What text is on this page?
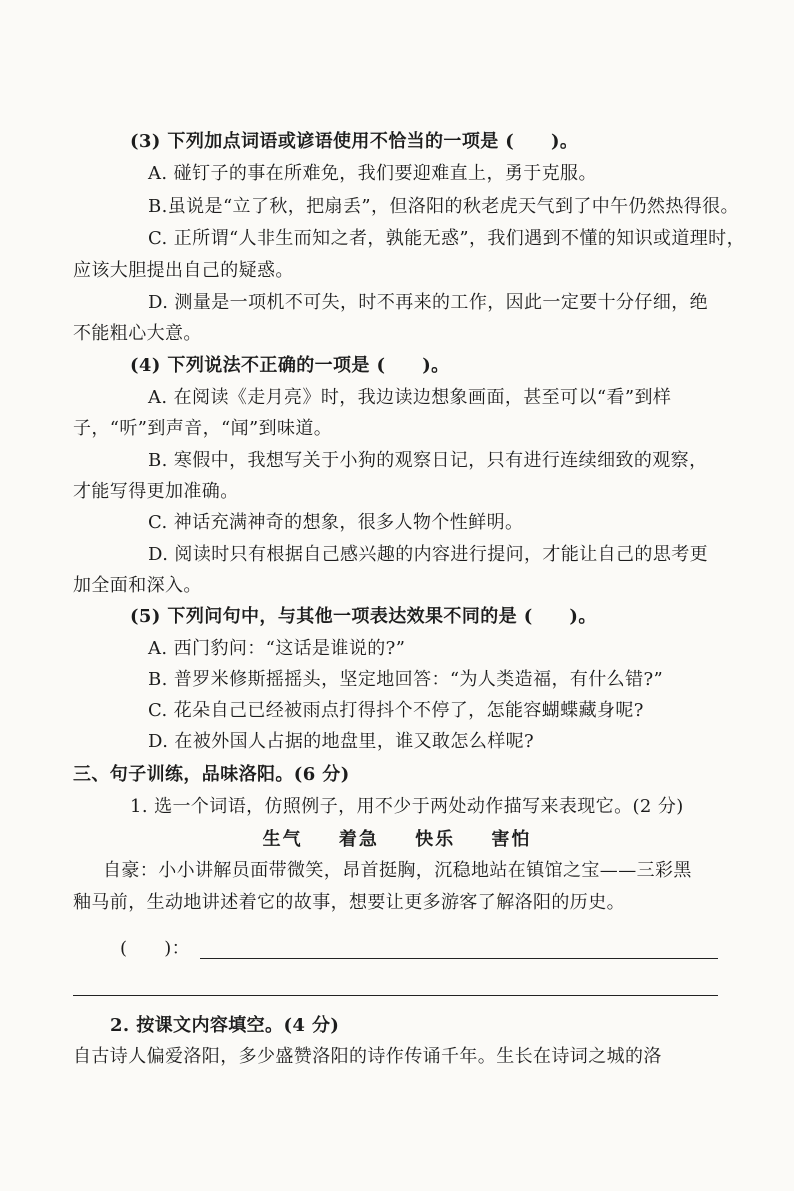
(3) 下列加点词语或谚语使用不恰当的一项是 (　　)。
A. 碰钉子的事在所难免，我们要迎难直上，勇于克服。
B.虽说是“立了秋，把扇丢”，但洛阳的秋老虎天气到了中午仍然热得很。
C. 正所谓“人非生而知之者，孰能无惑”，我们遇到不懂的知识或道理时，
应该大胆提出自己的疑惑。
D. 测量是一项机不可失，时不再来的工作，因此一定要十分仔细，绝
不能粗心大意。
(4) 下列说法不正确的一项是 (　　)。
A. 在阅读《走月亮》时，我边读边想象画面，甚至可以“看”到样
子，“听”到声音，“闻”到味道。
B. 寒假中，我想写关于小狗的观察日记，只有进行连续细致的观察，
才能写得更加准确。
C. 神话充满神奇的想象，很多人物个性鲜明。
D. 阅读时只有根据自己感兴趣的内容进行提问，才能让自己的思考更
加全面和深入。
(5) 下列问句中，与其他一项表达效果不同的是 (　　)。
A. 西门豹问：“这话是谁说的?”
B. 普罗米修斯摇摇头，坚定地回答：“为人类造福，有什么错?”
C. 花朵自己已经被雨点打得抖个不停了，怎能容蝴蝶藏身呢?
D. 在被外国人占据的地盘里，谁又敢怎么样呢?
三、句子训练，品味洛阳。(6 分)
1. 选一个词语，仿照例子，用不少于两处动作描写来表现它。(2 分)
生气 着急 快乐 害怕
自豪：小小讲解员面带微笑，昂首挺胸，沉稳地站在镇馆之宝——三彩黑
釉马前，生动地讲述着它的故事，想要让更多游客了解洛阳的历史。
(　　)：
2. 按课文内容填空。(4 分)
自古诗人偏爱洛阳，多少盛赞洛阳的诗作传诵千年。生长在诗词之城的洛
